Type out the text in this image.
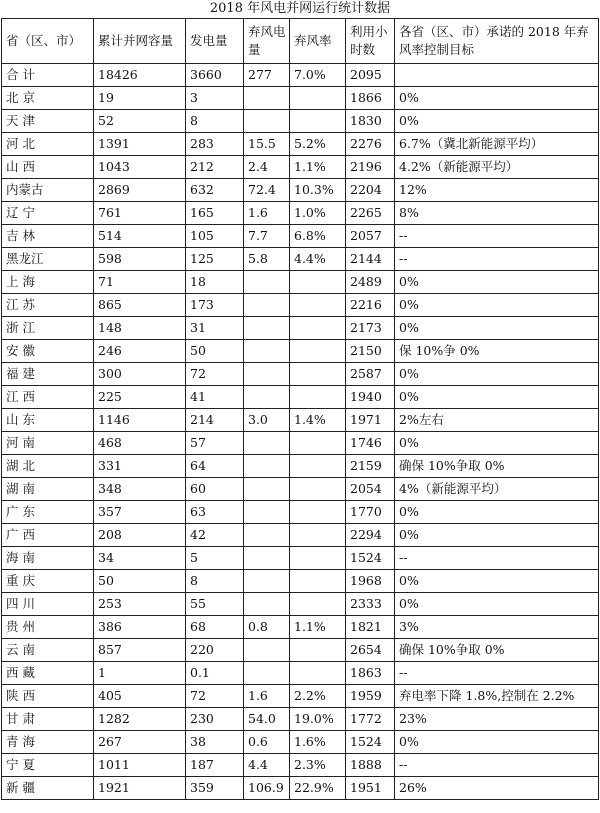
2018 年风电并网运行统计数据
省（区、市）	累计并网容量	发电量	弃风电量	弃风率	利用小时数	各省（区、市）承诺的 2018 年弃风率控制目标
合 计	18426	3660	277	7.0%	2095	
北 京	19	3			1866	0%
天 津	52	8			1830	0%
河 北	1391	283	15.5	5.2%	2276	6.7%（冀北新能源平均）
山 西	1043	212	2.4	1.1%	2196	4.2%（新能源平均）
内蒙古	2869	632	72.4	10.3%	2204	12%
辽 宁	761	165	1.6	1.0%	2265	8%
吉 林	514	105	7.7	6.8%	2057	--
黑龙江	598	125	5.8	4.4%	2144	--
上 海	71	18			2489	0%
江 苏	865	173			2216	0%
浙 江	148	31			2173	0%
安 徽	246	50			2150	保 10%争 0%
福 建	300	72			2587	0%
江 西	225	41			1940	0%
山 东	1146	214	3.0	1.4%	1971	2%左右
河 南	468	57			1746	0%
湖 北	331	64			2159	确保 10%争取 0%
湖 南	348	60			2054	4%（新能源平均）
广 东	357	63			1770	0%
广 西	208	42			2294	0%
海 南	34	5			1524	--
重 庆	50	8			1968	0%
四 川	253	55			2333	0%
贵 州	386	68	0.8	1.1%	1821	3%
云 南	857	220			2654	确保 10%争取 0%
西 藏	1	0.1			1863	--
陕 西	405	72	1.6	2.2%	1959	弃电率下降 1.8%,控制在 2.2%
甘 肃	1282	230	54.0	19.0%	1772	23%
青 海	267	38	0.6	1.6%	1524	0%
宁 夏	1011	187	4.4	2.3%	1888	--
新 疆	1921	359	106.9	22.9%	1951	26%
